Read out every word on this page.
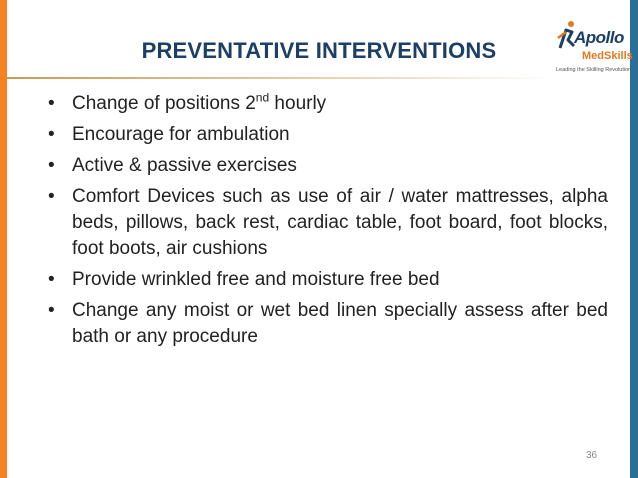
PREVENTATIVE INTERVENTIONS
Apollo
MedSkills
Leading the Skilling Revolution
• Change of positions 2nd hourly
• Encourage for ambulation
• Active & passive exercises
• Comfort Devices such as use of air / water mattresses, alpha beds, pillows, back rest, cardiac table, foot board, foot blocks, foot boots, air cushions
• Provide wrinkled free and moisture free bed
• Change any moist or wet bed linen specially assess after bed bath or any procedure
36
